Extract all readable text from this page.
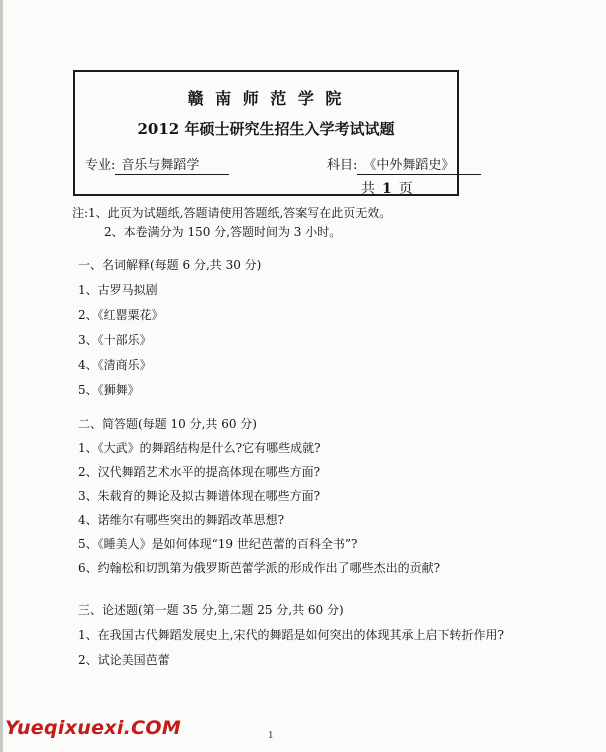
赣 南 师 范 学 院
2012 年硕士研究生招生入学考试试题
专业: 音乐与舞蹈学	科目: 《中外舞蹈史》
共 1 页
注:1、此页为试题纸,答题请使用答题纸,答案写在此页无效。
2、本卷满分为 150 分,答题时间为 3 小时。
一、名词解释(每题 6 分,共 30 分)
1、古罗马拟剧
2、《红罂粟花》
3、《十部乐》
4、《清商乐》
5、《狮舞》
二、简答题(每题 10 分,共 60 分)
1、《大武》的舞蹈结构是什么?它有哪些成就?
2、汉代舞蹈艺术水平的提高体现在哪些方面?
3、朱载育的舞论及拟古舞谱体现在哪些方面?
4、诺维尔有哪些突出的舞蹈改革思想?
5、《睡美人》是如何体现“19 世纪芭蕾的百科全书”?
6、约翰松和切凯第为俄罗斯芭蕾学派的形成作出了哪些杰出的贡献?
三、论述题(第一题 35 分,第二题 25 分,共 60 分)
1、在我国古代舞蹈发展史上,宋代的舞蹈是如何突出的体现其承上启下转折作用?
2、试论美国芭蕾
Yueqixuexi.COM	1
